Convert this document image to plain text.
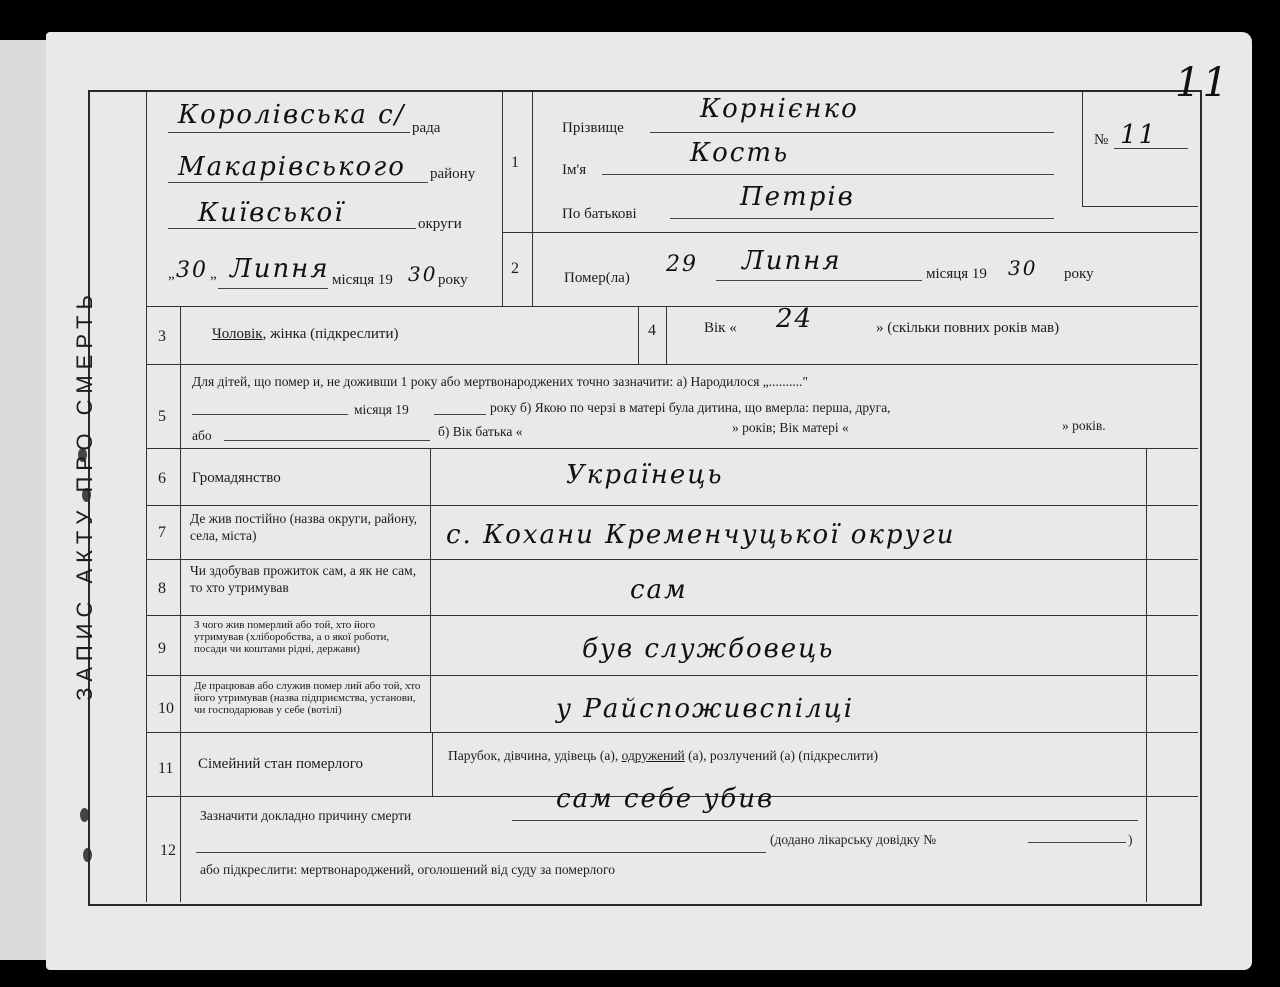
11
ЗАПИС АКТУ ПРО СМЕРТЬ
Королівська с/ рада
Макарівського району
Київської	округи
„ 30 „ Липня місяця 19 30 року
1
Прізвище
Корнієнко
Ім'я
Кость
По батькові
Петрів
№ 11
2
Помер(ла)
29 Липня	місяця 19 30 року
3	Чоловік, жінка (підкреслити)	4	Вік « 24	» (скільки повних років мав)
5
Для дітей, що помер и, не доживши 1 року або мертвонароджених точно зазначити: а) Народилося „.........."
місяця 19	року б) Якою по черзі в матері була дитина, що вмерла: перша, друга,
або	б) Вік батька «	» років; Вік матері «	» років.
6 Громадянство	Українець
7
Де жив постійно (назва округи, району, села, міста)	с. Кохани Кременчуцької округи
8
Чи здобував прожиток сам, а як не сам, то хто утримував	сам
9
З чого жив померлий або той, хто його утримував (хліборобства, а о якої роботи, посади чи коштами рідні, держави)	був службовець
10
Де працював або служив помер лий або той, хто його утримував (назва підприємства, установи, чи господарював у себе (вотілі)	у Райспоживспілці
11 Сімейний стан померлого
Парубок, дівчина, удівець (а), одружений (а), розлучений (а) (підкреслити)
12
Зазначити докладно причину смерти
сам себе убив
(додано лікарську довідку №	)
або підкреслити: мертвонароджений, оголошений від суду за померлого
